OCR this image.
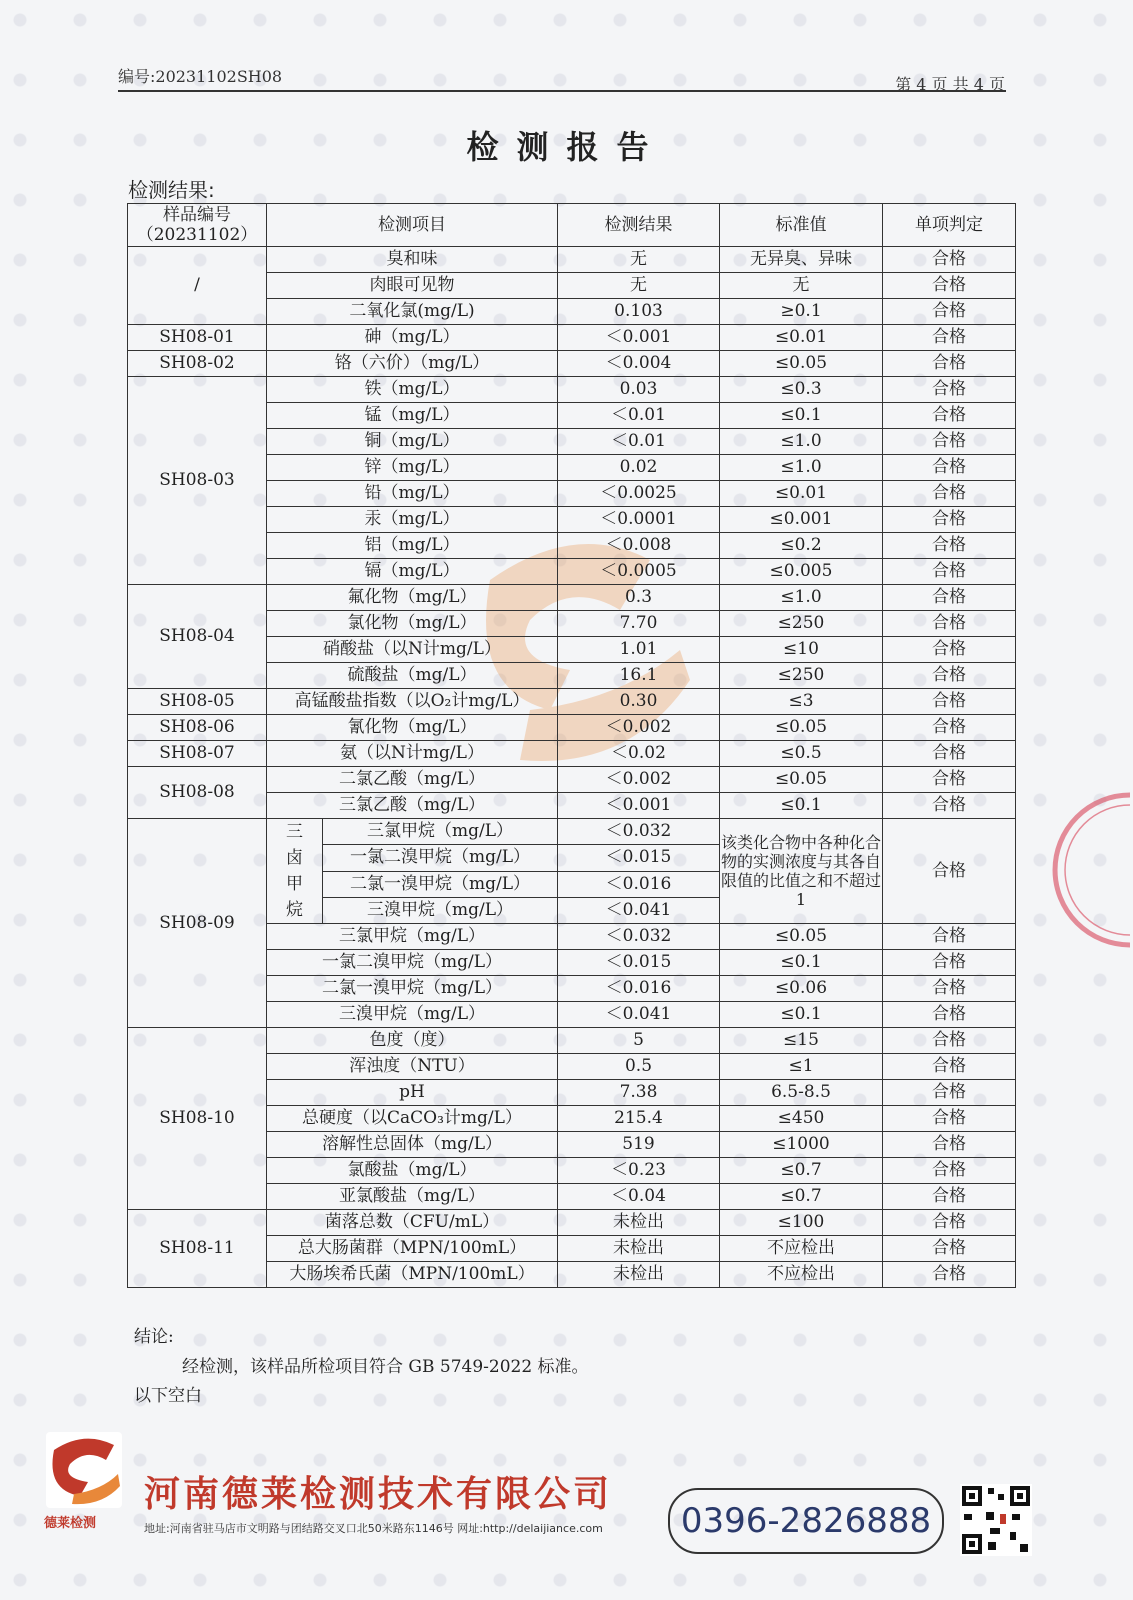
编号:20231102SH08	第 4 页 共 4 页
检测报告
检测结果:
样品编号（20231102）	检测项目		检测结果	标准值	单项判定
/	臭和味		无	无异臭、异味	合格
	肉眼可见物		无	无	合格
	二氧化氯(mg/L)		0.103	≥0.1	合格
SH08-01	砷（mg/L）		＜0.001	≤0.01	合格
SH08-02	铬（六价）（mg/L）		＜0.004	≤0.05	合格
SH08-03	铁（mg/L）		0.03	≤0.3	合格
	锰（mg/L）		＜0.01	≤0.1	合格
	铜（mg/L）		＜0.01	≤1.0	合格
	锌（mg/L）		0.02	≤1.0	合格
	铅（mg/L）		＜0.0025	≤0.01	合格
	汞（mg/L）		＜0.0001	≤0.001	合格
	铝（mg/L）		＜0.008	≤0.2	合格
	镉（mg/L）		＜0.0005	≤0.005	合格
SH08-04	氟化物（mg/L）		0.3	≤1.0	合格
	氯化物（mg/L）		7.70	≤250	合格
	硝酸盐（以N计mg/L）		1.01	≤10	合格
	硫酸盐（mg/L）		16.1	≤250	合格
SH08-05	高锰酸盐指数（以O₂计mg/L）		0.30	≤3	合格
SH08-06	氰化物（mg/L）		＜0.002	≤0.05	合格
SH08-07	氨（以N计mg/L）		＜0.02	≤0.5	合格
SH08-08	二氯乙酸（mg/L）		＜0.002	≤0.05	合格
	三氯乙酸（mg/L）		＜0.001	≤0.1	合格
SH08-09	三卤甲烷	三氯甲烷（mg/L）	＜0.032	该类化合物中各种化合物的实测浓度与其各自限值的比值之和不超过1	合格
		一氯二溴甲烷（mg/L）	＜0.015		
		二氯一溴甲烷（mg/L）	＜0.016		
		三溴甲烷（mg/L）	＜0.041		
	三氯甲烷（mg/L）		＜0.032	≤0.05	合格
	一氯二溴甲烷（mg/L）		＜0.015	≤0.1	合格
	二氯一溴甲烷（mg/L）		＜0.016	≤0.06	合格
	三溴甲烷（mg/L）		＜0.041	≤0.1	合格
SH08-10	色度（度）		5	≤15	合格
	浑浊度（NTU）		0.5	≤1	合格
	pH		7.38	6.5-8.5	合格
	总硬度（以CaCO₃计mg/L）		215.4	≤450	合格
	溶解性总固体（mg/L）		519	≤1000	合格
	氯酸盐（mg/L）		＜0.23	≤0.7	合格
	亚氯酸盐（mg/L）		＜0.04	≤0.7	合格
SH08-11	菌落总数（CFU/mL）		未检出	≤100	合格
	总大肠菌群（MPN/100mL）		未检出	不应检出	合格
	大肠埃希氏菌（MPN/100mL）		未检出	不应检出	合格
结论:
经检测，该样品所检项目符合 GB 5749-2022 标准。
以下空白
德莱检测
河南德莱检测技术有限公司
地址:河南省驻马店市文明路与团结路交叉口北50米路东1146号 网址:http://delaijiance.com	0396-2826888
